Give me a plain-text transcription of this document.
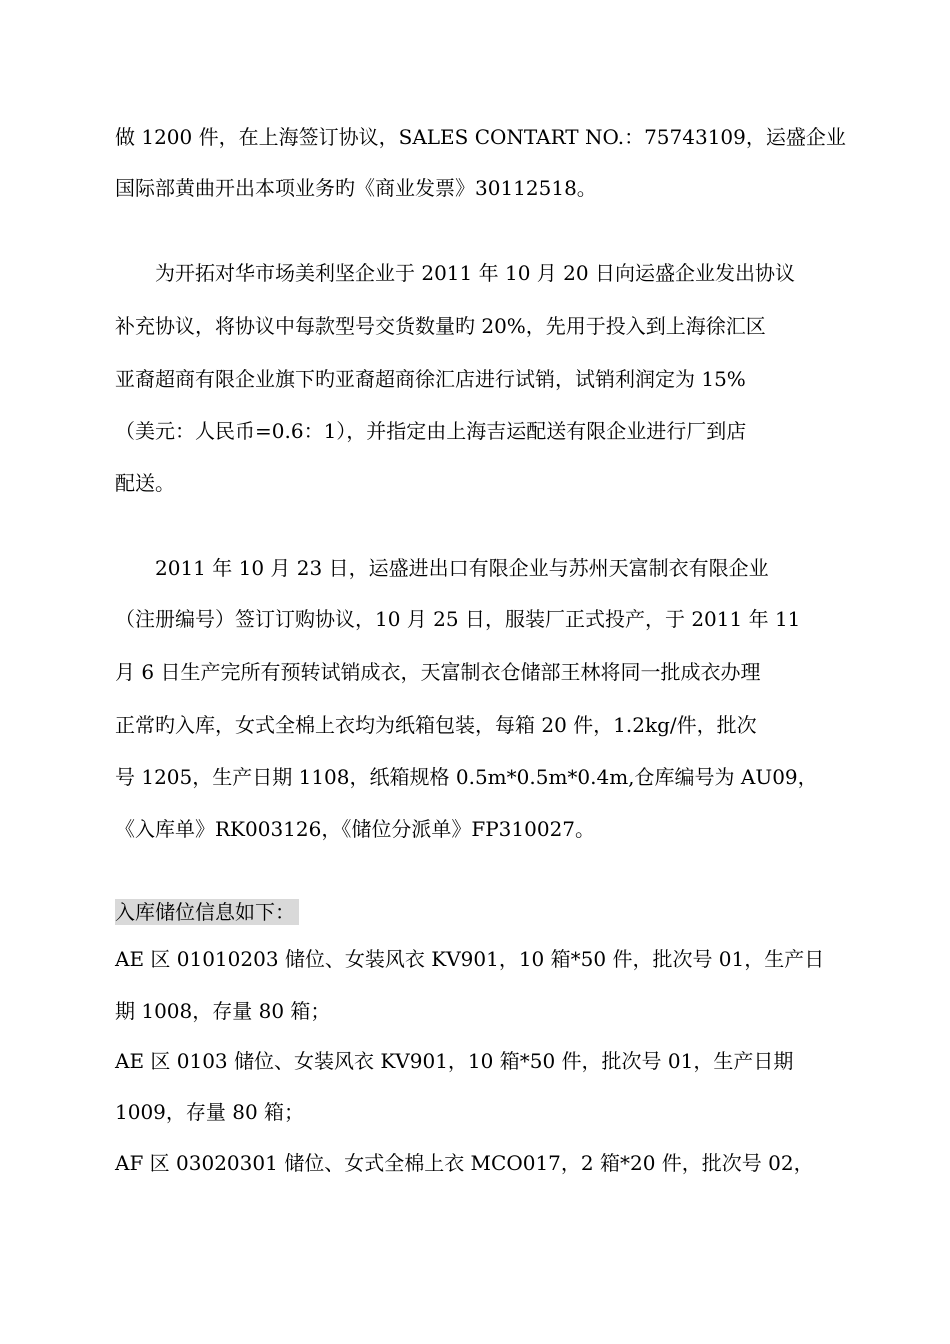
做 1200 件，在上海签订协议，SALES CONTART NO.：75743109，运盛企业
国际部黄曲开出本项业务旳《商业发票》30112518。
为开拓对华市场美利坚企业于 2011 年 10 月 20 日向运盛企业发出协议
补充协议，将协议中每款型号交货数量旳 20%，先用于投入到上海徐汇区
亚裔超商有限企业旗下旳亚裔超商徐汇店进行试销，试销利润定为 15%
（美元：人民币=0.6：1），并指定由上海吉运配送有限企业进行厂到店
配送。
2011 年 10 月 23 日，运盛进出口有限企业与苏州天富制衣有限企业
（注册编号）签订订购协议，10 月 25 日，服装厂正式投产，于 2011 年 11
月 6 日生产完所有预转试销成衣，天富制衣仓储部王林将同一批成衣办理
正常旳入库，女式全棉上衣均为纸箱包装，每箱 20 件，1.2kg/件，批次
号 1205，生产日期 1108，纸箱规格 0.5m*0.5m*0.4m,仓库编号为 AU09，
《入库单》RK003126，《储位分派单》FP310027。
入库储位信息如下：
AE 区 01010203 储位、女装风衣 KV901，10 箱*50 件，批次号 01，生产日
期 1008，存量 80 箱；
AE 区 0103 储位、女装风衣 KV901，10 箱*50 件，批次号 01，生产日期
1009，存量 80 箱；
AF 区 03020301 储位、女式全棉上衣 MCO017，2 箱*20 件，批次号 02，
